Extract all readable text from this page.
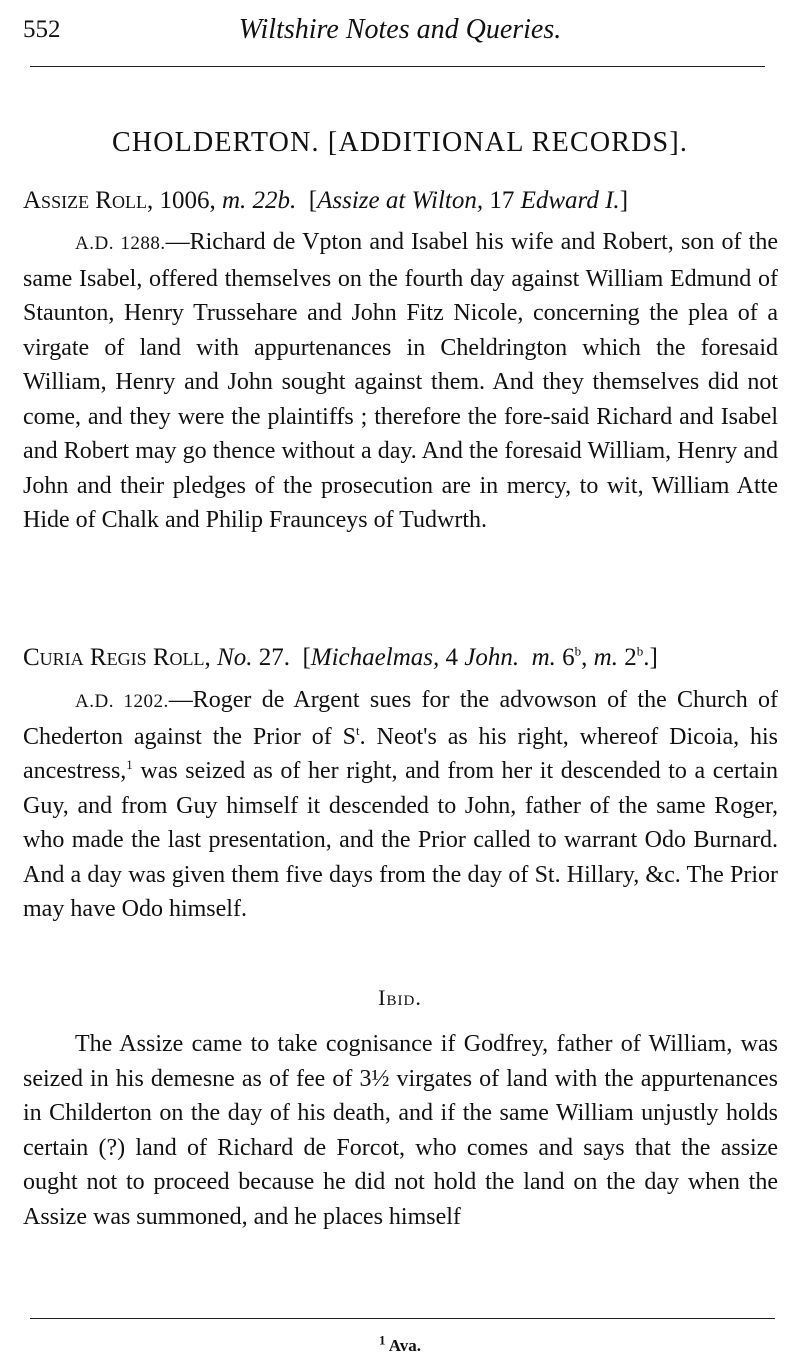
552	Wiltshire Notes and Queries.
CHOLDERTON. [ADDITIONAL RECORDS].
Assize Roll, 1006, m. 22b. [Assize at Wilton, 17 Edward I.]
A.D. 1288.—Richard de Vpton and Isabel his wife and Robert, son of the same Isabel, offered themselves on the fourth day against William Edmund of Staunton, Henry Trussehare and John Fitz Nicole, concerning the plea of a virgate of land with appurtenances in Cheldrington which the foresaid William, Henry and John sought against them. And they themselves did not come, and they were the plaintiffs ; therefore the fore-said Richard and Isabel and Robert may go thence without a day. And the foresaid William, Henry and John and their pledges of the prosecution are in mercy, to wit, William Atte Hide of Chalk and Philip Fraunceys of Tudwrth.
Curia Regis Roll, No. 27. [Michaelmas, 4 John. m. 6$^b$, m. 2$^b$.]
A.D. 1202.—Roger de Argent sues for the advowson of the Church of Chederton against the Prior of $S^t$. Neot's as his right, whereof Dicoia, his ancestress,$^1$ was seized as of her right, and from her it descended to a certain Guy, and from Guy himself it descended to John, father of the same Roger, who made the last presentation, and the Prior called to warrant Odo Burnard. And a day was given them five days from the day of St. Hillary, &c. The Prior may have Odo himself.
Ibid.
The Assize came to take cognisance if Godfrey, father of William, was seized in his demesne as of fee of 3½ virgates of land with the appurtenances in Childerton on the day of his death, and if the same William unjustly holds certain (?) land of Richard de Forcot, who comes and says that the assize ought not to proceed because he did not hold the land on the day when the Assize was summoned, and he places himself
$^1$ Ava.
